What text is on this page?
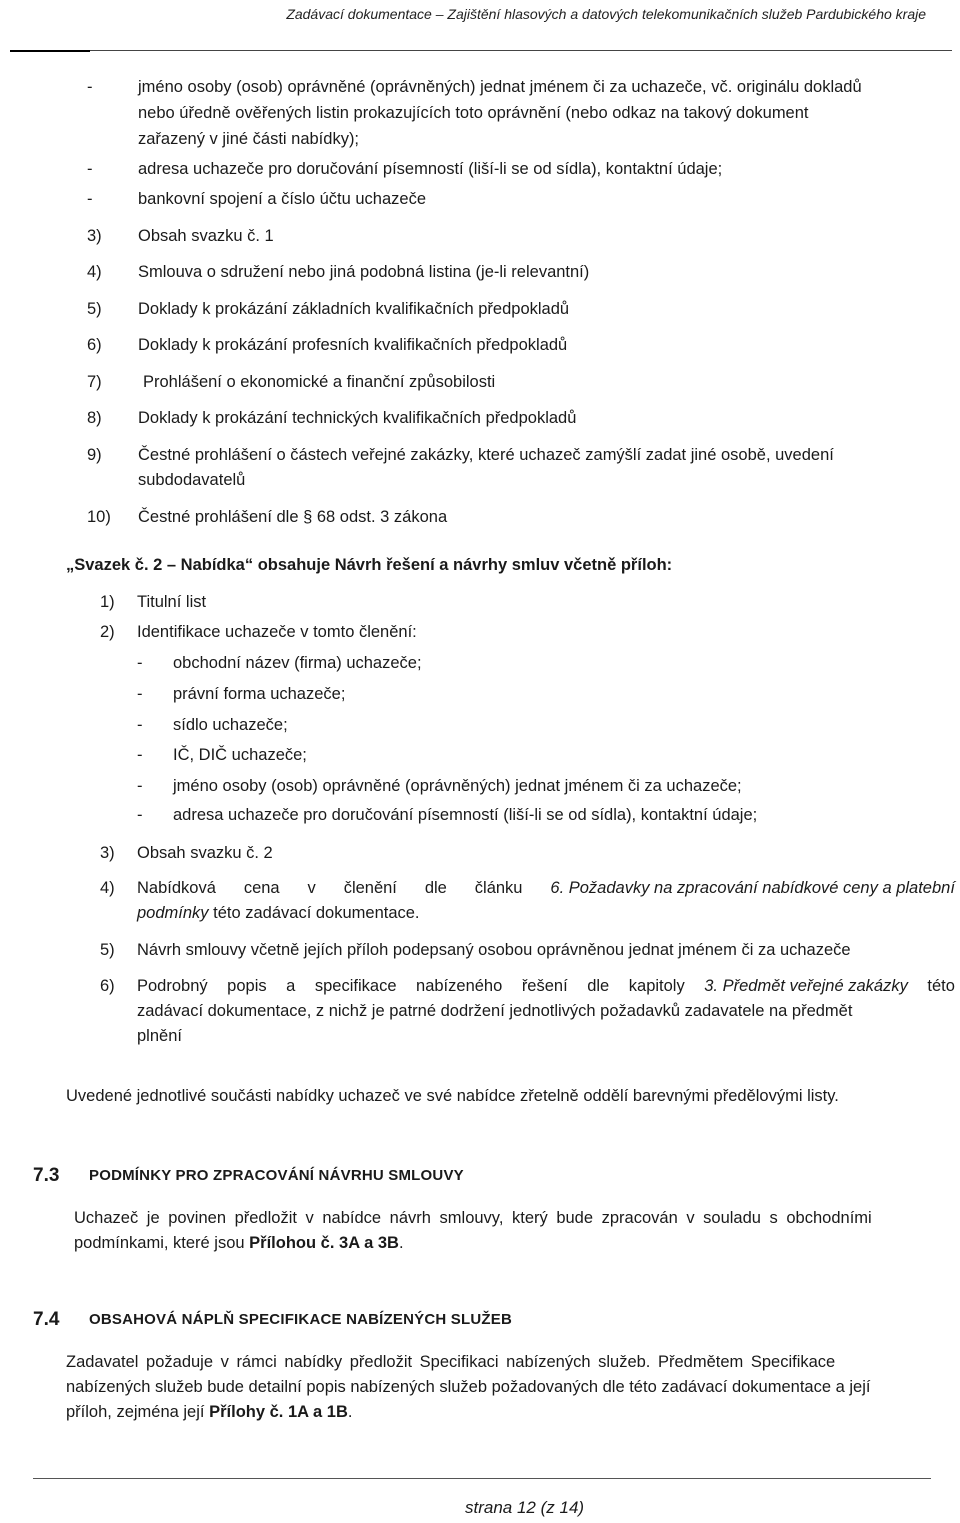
Zadávací dokumentace – Zajištění hlasových a datových telekomunikačních služeb Pardubického kraje
-	jméno osoby (osob) oprávněné (oprávněných) jednat jménem či za uchazeče, vč. originálu dokladů
nebo úředně ověřených listin prokazujících toto oprávnění (nebo odkaz na takový dokument
zařazený v jiné části nabídky);
-	adresa uchazeče pro doručování písemností (liší-li se od sídla), kontaktní údaje;
-	bankovní spojení a číslo účtu uchazeče
3) Obsah svazku č. 1
4) Smlouva o sdružení nebo jiná podobná listina (je-li relevantní)
5) Doklady k prokázání základních kvalifikačních předpokladů
6) Doklady k prokázání profesních kvalifikačních předpokladů
7)	Prohlášení o ekonomické a finanční způsobilosti
8) Doklady k prokázání technických kvalifikačních předpokladů
9) Čestné prohlášení o částech veřejné zakázky, které uchazeč zamýšlí zadat jiné osobě, uvedení
subdodavatelů
10) Čestné prohlášení dle § 68 odst. 3 zákona
„Svazek č. 2 – Nabídka“ obsahuje Návrh řešení a návrhy smluv včetně příloh:
1) Titulní list
2) Identifikace uchazeče v tomto členění:
- obchodní název (firma) uchazeče;
- právní forma uchazeče;
- sídlo uchazeče;
- IČ, DIČ uchazeče;
- jméno osoby (osob) oprávněné (oprávněných) jednat jménem či za uchazeče;
- adresa uchazeče pro doručování písemností (liší-li se od sídla), kontaktní údaje;
3) Obsah svazku č. 2
4) Nabídková cena v členění dle článku 6. Požadavky na zpracování nabídkové ceny a platební
podmínky této zadávací dokumentace.
5) Návrh smlouvy včetně jejích příloh podepsaný osobou oprávněnou jednat jménem či za uchazeče
6) Podrobný popis a specifikace nabízeného řešení dle kapitoly 3. Předmět veřejné zakázky této
zadávací dokumentace, z nichž je patrné dodržení jednotlivých požadavků zadavatele na předmět
plnění
Uvedené jednotlivé součásti nabídky uchazeč ve své nabídce zřetelně oddělí barevnými předělovými listy.
7.3 PODMÍNKY PRO ZPRACOVÁNÍ NÁVRHU SMLOUVY
Uchazeč je povinen předložit v nabídce návrh smlouvy, který bude zpracován v souladu s obchodními
podmínkami, které jsou Přílohou č. 3A a 3B.
7.4 OBSAHOVÁ NÁPLŇ SPECIFIKACE NABÍZENÝCH SLUŽEB
Zadavatel požaduje v rámci nabídky předložit Specifikaci nabízených služeb. Předmětem Specifikace
nabízených služeb bude detailní popis nabízených služeb požadovaných dle této zadávací dokumentace a její
příloh, zejména její Přílohy č. 1A a 1B.
strana 12 (z 14)
